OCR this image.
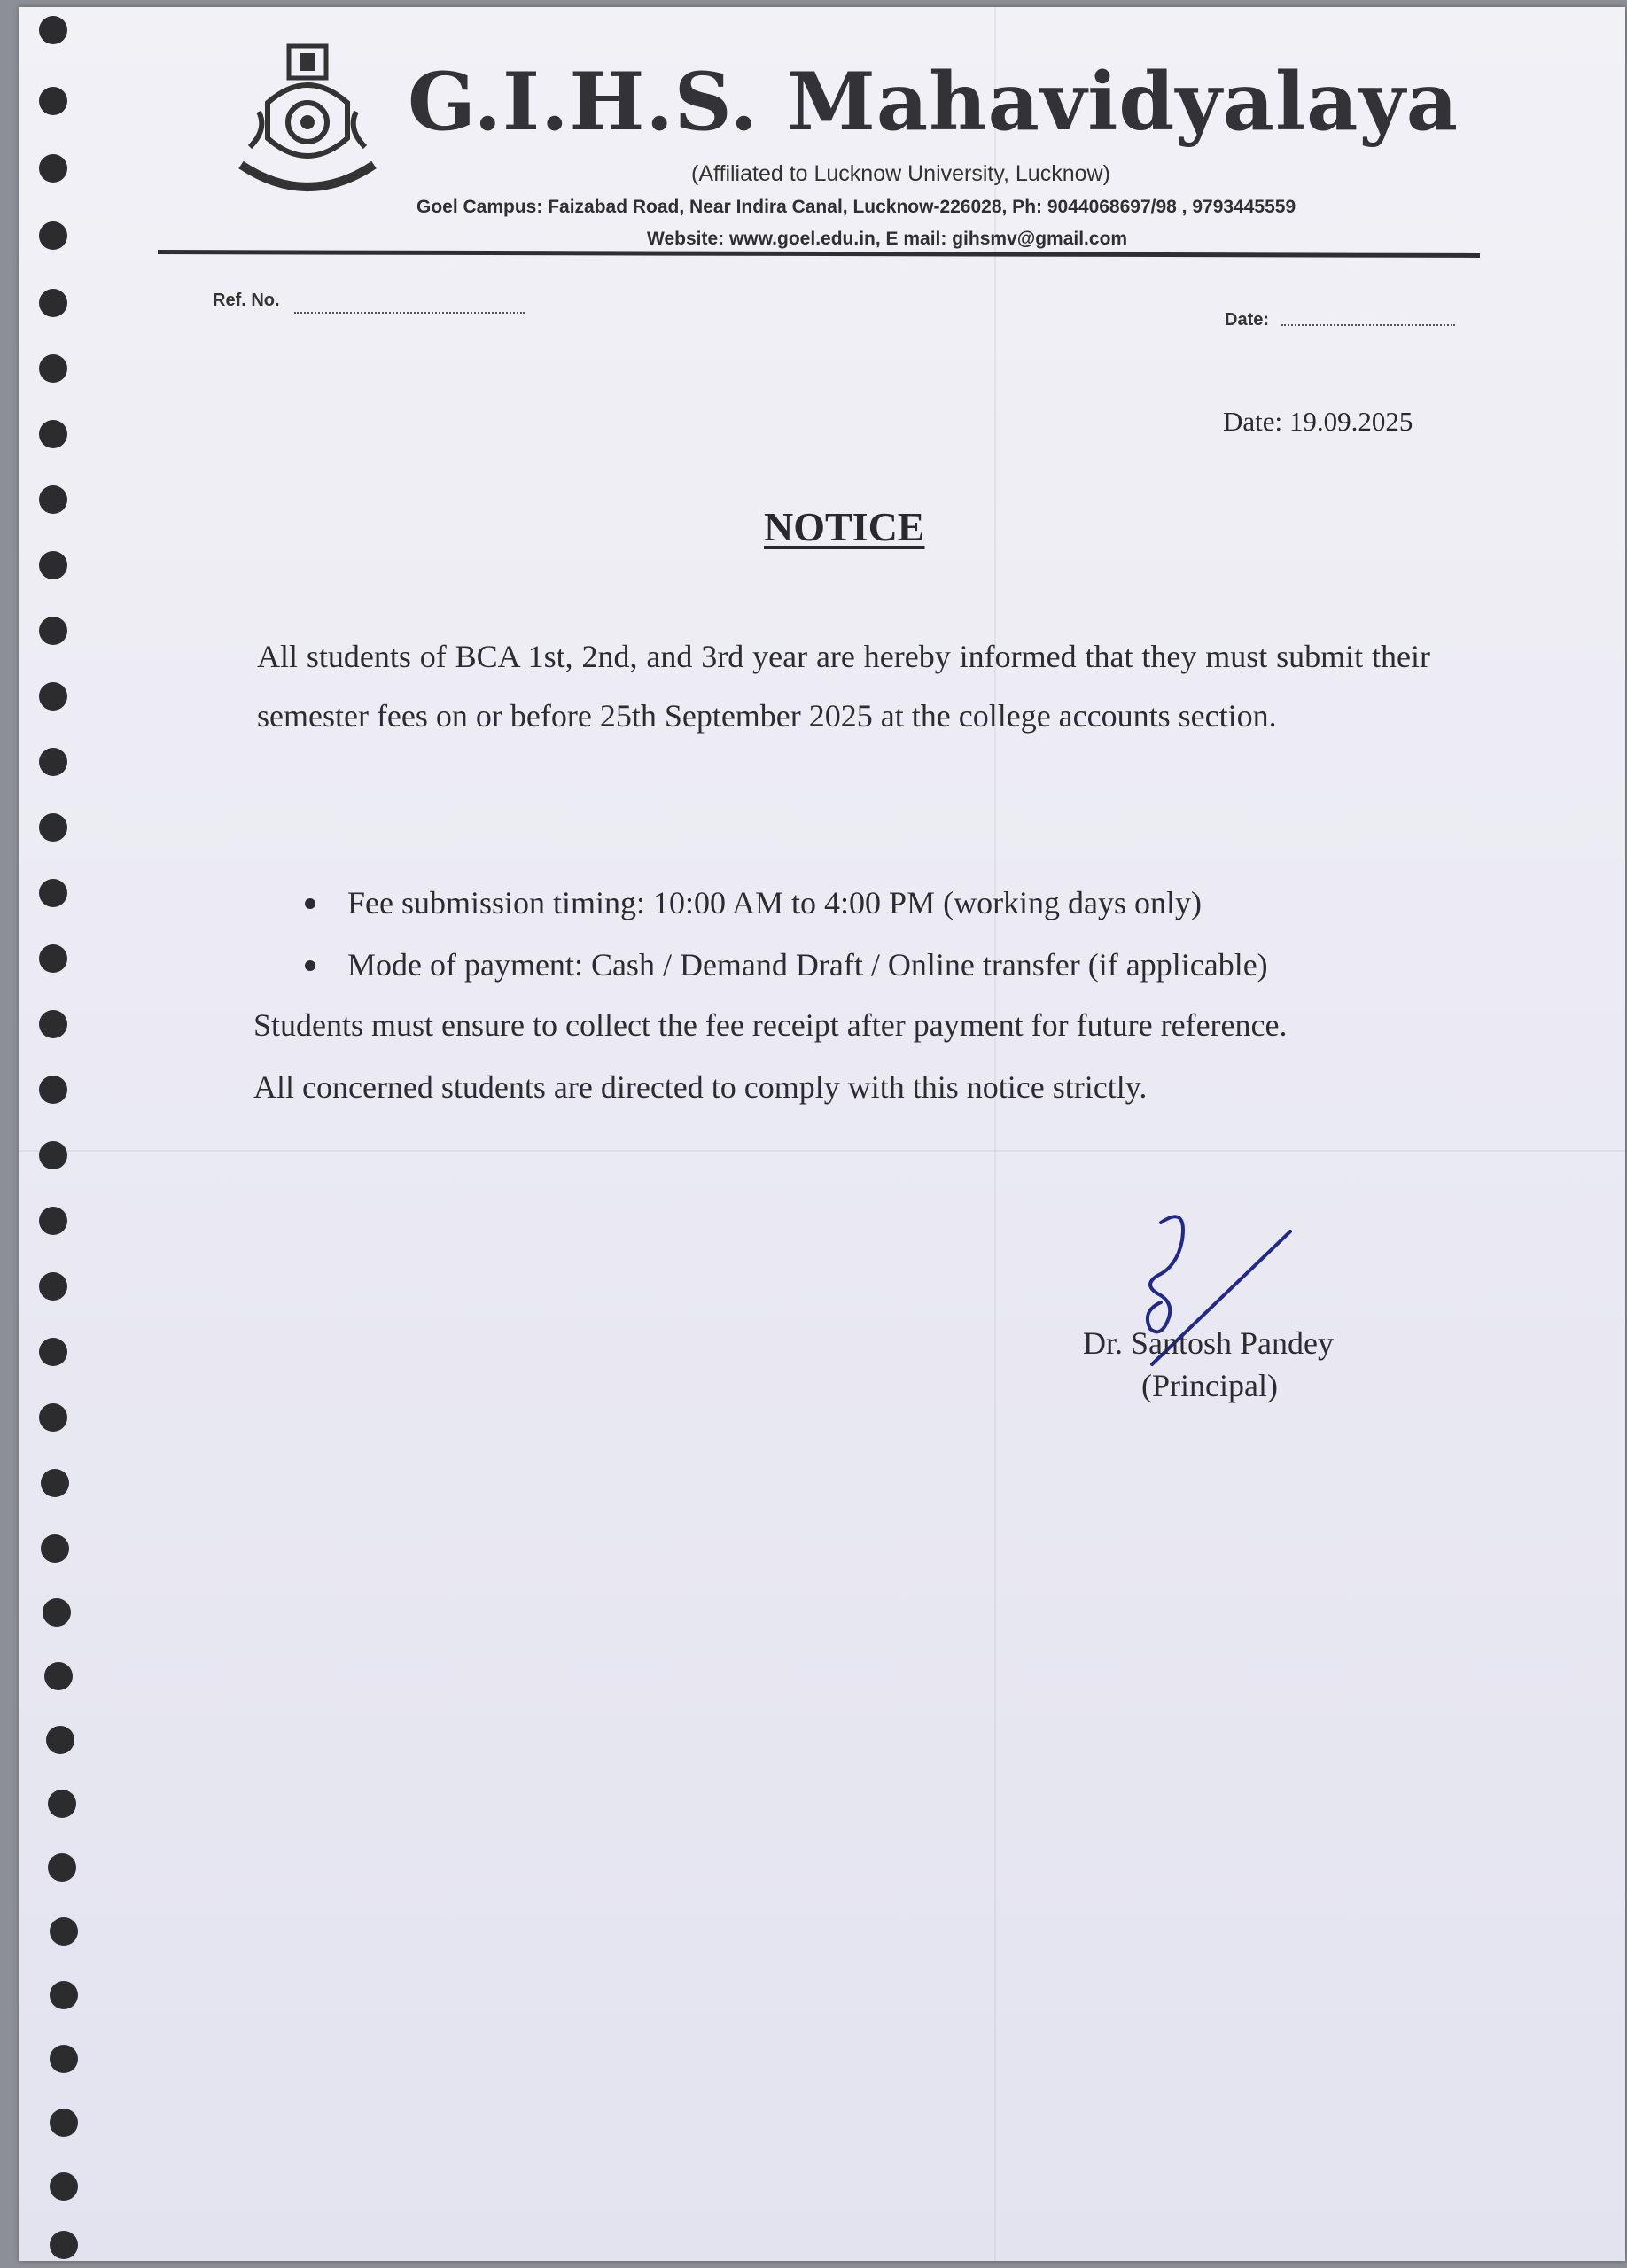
G.I.H.S. Mahavidyalaya
(Affiliated to Lucknow University, Lucknow)
Goel Campus: Faizabad Road, Near Indira Canal, Lucknow-226028, Ph: 9044068697/98 , 9793445559
Website: www.goel.edu.in, E mail: gihsmv@gmail.com
Ref. No.
Date:
Date: 19.09.2025
NOTICE
All students of BCA 1st, 2nd, and 3rd year are hereby informed that they must submit their semester fees on or before 25th September 2025 at the college accounts section.
Fee submission timing: 10:00 AM to 4:00 PM (working days only)
Mode of payment: Cash / Demand Draft / Online transfer (if applicable)

Students must ensure to collect the fee receipt after payment for future reference.

All concerned students are directed to comply with this notice strictly.

Dr. Santosh Pandey
(Principal)
